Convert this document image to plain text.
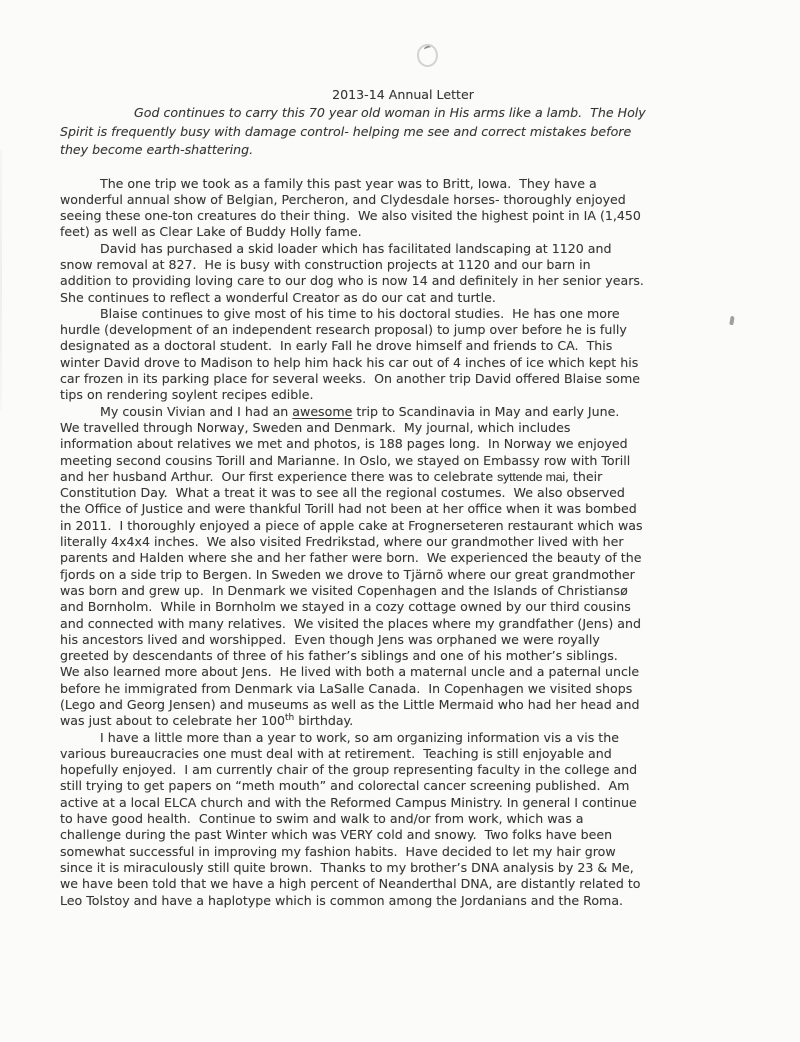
2013-14 Annual Letter
God continues to carry this 70 year old woman in His arms like a lamb.  The Holy
Spirit is frequently busy with damage control- helping me see and correct mistakes before
they become earth-shattering.
The one trip we took as a family this past year was to Britt, Iowa.  They have a
wonderful annual show of Belgian, Percheron, and Clydesdale horses- thoroughly enjoyed
seeing these one-ton creatures do their thing.  We also visited the highest point in IA (1,450
feet) as well as Clear Lake of Buddy Holly fame.
David has purchased a skid loader which has facilitated landscaping at 1120 and
snow removal at 827.  He is busy with construction projects at 1120 and our barn in
addition to providing loving care to our dog who is now 14 and definitely in her senior years.
She continues to reflect a wonderful Creator as do our cat and turtle.
Blaise continues to give most of his time to his doctoral studies.  He has one more
hurdle (development of an independent research proposal) to jump over before he is fully
designated as a doctoral student.  In early Fall he drove himself and friends to CA.  This
winter David drove to Madison to help him hack his car out of 4 inches of ice which kept his
car frozen in its parking place for several weeks.  On another trip David offered Blaise some
tips on rendering soylent recipes edible.
My cousin Vivian and I had an awesome trip to Scandinavia in May and early June.
We travelled through Norway, Sweden and Denmark.  My journal, which includes
information about relatives we met and photos, is 188 pages long.  In Norway we enjoyed
meeting second cousins Torill and Marianne. In Oslo, we stayed on Embassy row with Torill
and her husband Arthur.  Our first experience there was to celebrate syttende mai, their
Constitution Day.  What a treat it was to see all the regional costumes.  We also observed
the Office of Justice and were thankful Torill had not been at her office when it was bombed
in 2011.  I thoroughly enjoyed a piece of apple cake at Frognerseteren restaurant which was
literally 4x4x4 inches.  We also visited Fredrikstad, where our grandmother lived with her
parents and Halden where she and her father were born.  We experienced the beauty of the
fjords on a side trip to Bergen. In Sweden we drove to Tjärnõ where our great grandmother
was born and grew up.  In Denmark we visited Copenhagen and the Islands of Christiansø
and Bornholm.  While in Bornholm we stayed in a cozy cottage owned by our third cousins
and connected with many relatives.  We visited the places where my grandfather (Jens) and
his ancestors lived and worshipped.  Even though Jens was orphaned we were royally
greeted by descendants of three of his father’s siblings and one of his mother’s siblings.
We also learned more about Jens.  He lived with both a maternal uncle and a paternal uncle
before he immigrated from Denmark via LaSalle Canada.  In Copenhagen we visited shops
(Lego and Georg Jensen) and museums as well as the Little Mermaid who had her head and
was just about to celebrate her 100th birthday.
I have a little more than a year to work, so am organizing information vis a vis the
various bureaucracies one must deal with at retirement.  Teaching is still enjoyable and
hopefully enjoyed.  I am currently chair of the group representing faculty in the college and
still trying to get papers on “meth mouth” and colorectal cancer screening published.  Am
active at a local ELCA church and with the Reformed Campus Ministry. In general I continue
to have good health.  Continue to swim and walk to and/or from work, which was a
challenge during the past Winter which was VERY cold and snowy.  Two folks have been
somewhat successful in improving my fashion habits.  Have decided to let my hair grow
since it is miraculously still quite brown.  Thanks to my brother’s DNA analysis by 23 & Me,
we have been told that we have a high percent of Neanderthal DNA, are distantly related to
Leo Tolstoy and have a haplotype which is common among the Jordanians and the Roma.
